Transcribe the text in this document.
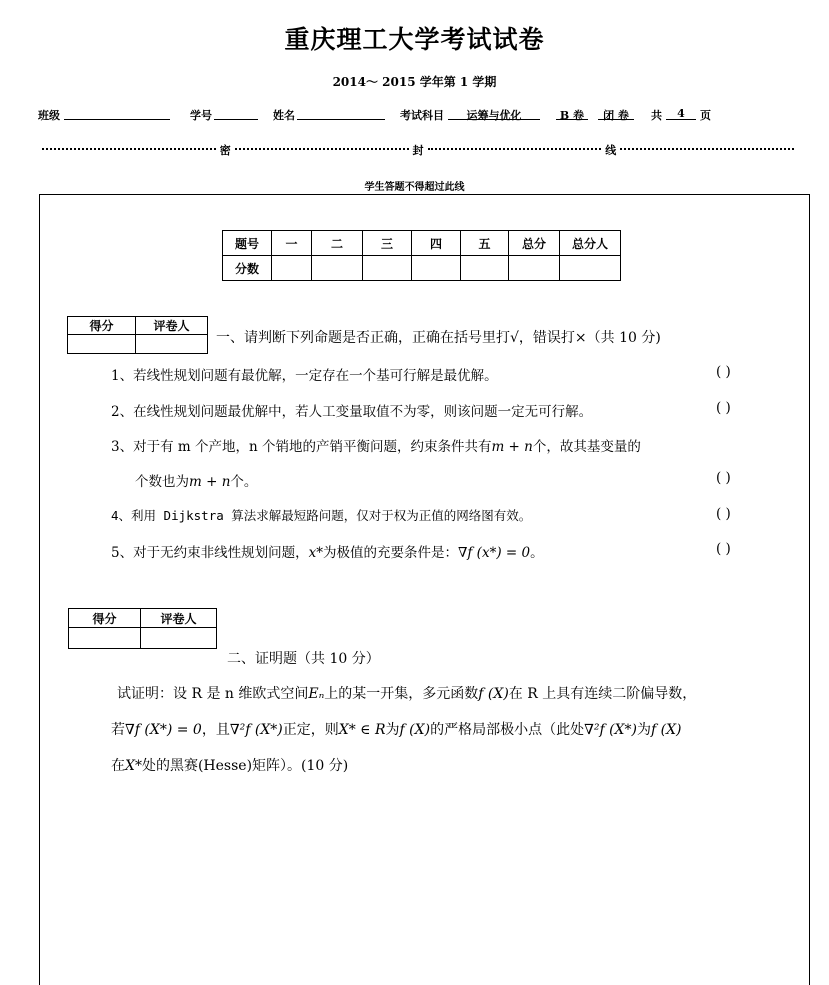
重庆理工大学考试试卷
2014～ 2015 学年第 1 学期
班级	学号	姓名	考试科目	运筹与优化	B 卷	闭 卷	共	4	页
密	封	线
学生答题不得超过此线
题号	一	二	三	四	五	总分	总分人
分数							
得分	评卷人

一、请判断下列命题是否正确，正确在括号里打√，错误打×（共 10 分)
1、若线性规划问题有最优解，一定存在一个基可行解是最优解。	( )
2、在线性规划问题最优解中，若人工变量取值不为零，则该问题一定无可行解。	( )
3、对于有 m 个产地，n 个销地的产销平衡问题，约束条件共有m + n个，故其基变量的
个数也为m + n个。	( )
4、利用 Dijkstra 算法求解最短路问题，仅对于权为正值的网络图有效。	( )
5、对于无约束非线性规划问题，x*为极值的充要条件是：∇f (x*) = 0。	( )
得分	评卷人

二、证明题（共 10 分）
试证明：设 R 是 n 维欧式空间Eₙ上的某一开集，多元函数f (X)在 R 上具有连续二阶偏导数，
若∇f (X*) = 0，且∇²f (X*)正定，则X* ∈ R为f (X)的严格局部极小点（此处∇²f (X*)为f (X)
在X*处的黑赛(Hesse)矩阵）。(10 分)
